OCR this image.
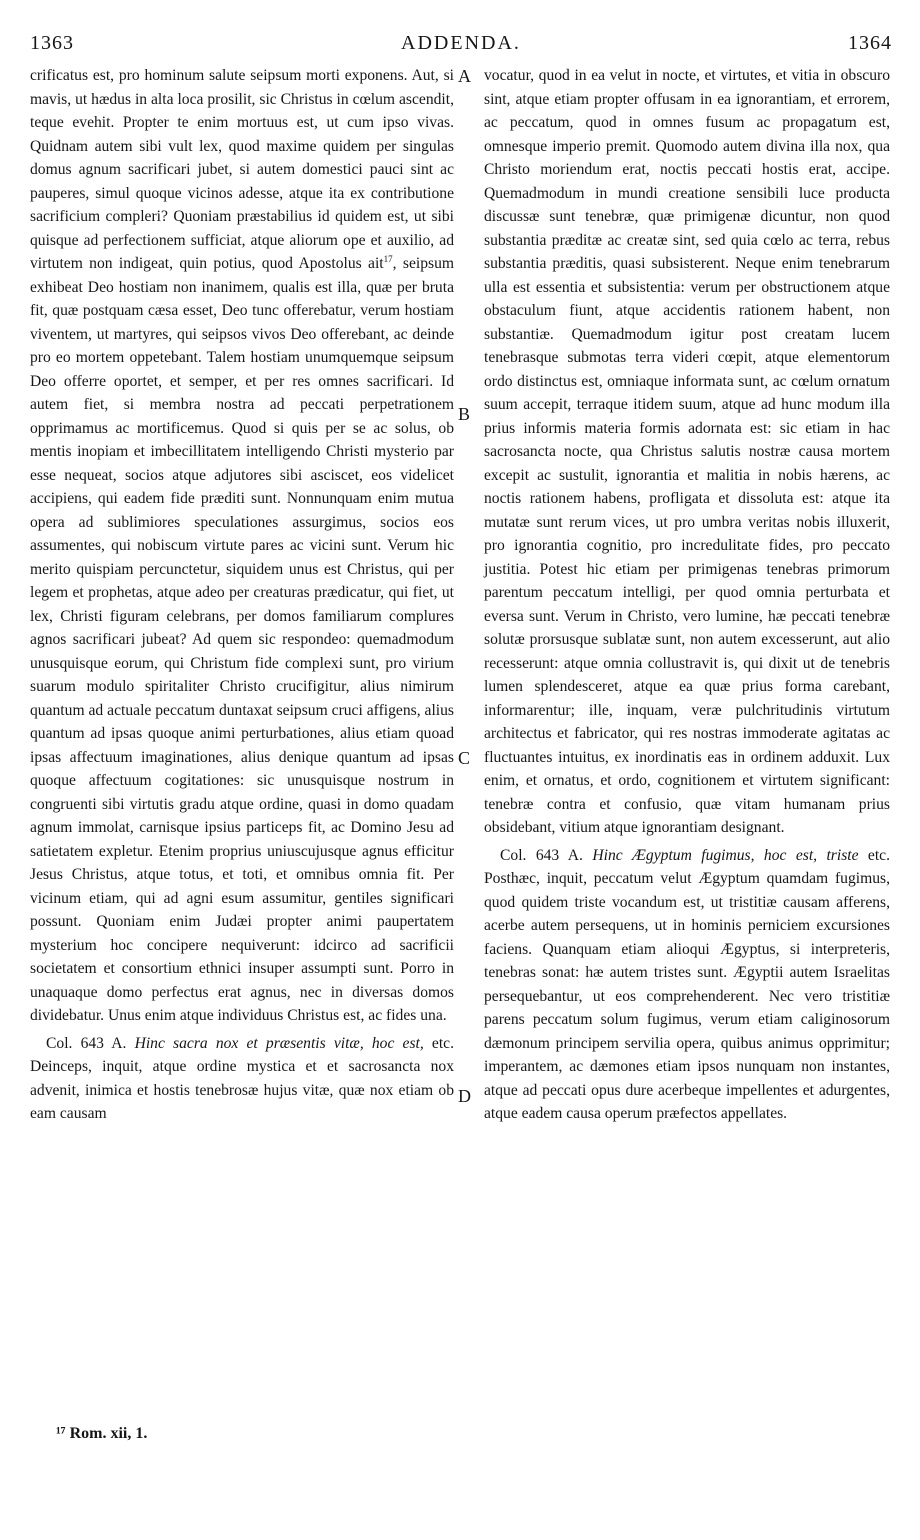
1363	ADDENDA.	1364

crificatus est, pro hominum salute seipsum morti exponens. Aut, si mavis, ut hædus in alta loca prosilit, sic Christus in cœlum ascendit, teque evehit. Propter te enim mortuus est, ut cum ipso vivas. Quidnam autem sibi vult lex, quod maxime quidem per singulas domus agnum sacrificari jubet, si autem domestici pauci sint ac pauperes, simul quoque vicinos adesse, atque ita ex contributione sacrificium compleri? Quoniam præstabilius id quidem est, ut sibi quisque ad perfectionem sufficiat, atque aliorum ope et auxilio, ad virtutem non indigeat, quin potius, quod Apostolus ait$^{17}$, seipsum exhibeat Deo hostiam non inanimem, qualis est illa, quæ per bruta fit, quæ postquam cæsa esset, Deo tunc offerebatur, verum hostiam viventem, ut martyres, qui seipsos vivos Deo offerebant, ac deinde pro eo mortem oppetebant. Talem hostiam unumquemque seipsum Deo offerre oportet, et semper, et per res omnes sacrificari. Id autem fiet, si membra nostra ad peccati perpetrationem opprimamus ac mortificemus. Quod si quis per se ac solus, ob mentis inopiam et imbecillitatem intelligendo Christi mysterio par esse nequeat, socios atque adjutores sibi asciscet, eos videlicet accipiens, qui eadem fide præditi sunt. Nonnunquam enim mutua opera ad sublimiores speculationes assurgimus, socios eos assumentes, qui nobiscum virtute pares ac vicini sunt. Verum hic merito quispiam percunctetur, siquidem unus est Christus, qui per legem et prophetas, atque adeo per creaturas prædicatur, qui fiet, ut lex, Christi figuram celebrans, per domos familiarum complures agnos sacrificari jubeat? Ad quem sic respondeo: quemadmodum unusquisque eorum, qui Christum fide complexi sunt, pro virium suarum modulo spiritaliter Christo crucifigitur, alius nimirum quantum ad actuale peccatum duntaxat seipsum cruci affigens, alius quantum ad ipsas quoque animi perturbationes, alius etiam quoad ipsas affectuum imaginationes, alius denique quantum ad ipsas quoque affectuum cogitationes: sic unusquisque nostrum in congruenti sibi virtutis gradu atque ordine, quasi in domo quadam agnum immolat, carnisque ipsius particeps fit, ac Domino Jesu ad satietatem expletur. Etenim proprius uniuscujusque agnus efficitur Jesus Christus, atque totus, et toti, et omnibus omnia fit. Per vicinum etiam, qui ad agni esum assumitur, gentiles significari possunt. Quoniam enim Judæi propter animi paupertatem mysterium hoc concipere nequiverunt: idcirco ad sacrificii societatem et consortium ethnici insuper assumpti sunt. Porro in unaquaque domo perfectus erat agnus, nec in diversas domos dividebatur. Unus enim atque individuus Christus est, ac fides una.

Col. 643 A. Hinc sacra nox et præsentis vitæ, hoc est, etc. Deinceps, inquit, atque ordine mystica et et sacrosancta nox advenit, inimica et hostis tenebrosæ hujus vitæ, quæ nox etiam ob eam causam

vocatur, quod in ea velut in nocte, et virtutes, et vitia in obscuro sint, atque etiam propter offusam in ea ignorantiam, et errorem, ac peccatum, quod in omnes fusum ac propagatum est, omnesque imperio premit. Quomodo autem divina illa nox, qua Christo moriendum erat, noctis peccati hostis erat, accipe. Quemadmodum in mundi creatione sensibili luce producta discussæ sunt tenebræ, quæ primigenæ dicuntur, non quod substantia præditæ ac creatæ sint, sed quia cœlo ac terra, rebus substantia præditis, quasi subsisterent. Neque enim tenebrarum ulla est essentia et subsistentia: verum per obstructionem atque obstaculum fiunt, atque accidentis rationem habent, non substantiæ. Quemadmodum igitur post creatam lucem tenebrasque submotas terra videri cœpit, atque elementorum ordo distinctus est, omniaque informata sunt, ac cœlum ornatum suum accepit, terraque itidem suum, atque ad hunc modum illa prius informis materia formis adornata est: sic etiam in hac sacrosancta nocte, qua Christus salutis nostræ causa mortem excepit ac sustulit, ignorantia et malitia in nobis hærens, ac noctis rationem habens, profligata et dissoluta est: atque ita mutatæ sunt rerum vices, ut pro umbra veritas nobis illuxerit, pro ignorantia cognitio, pro incredulitate fides, pro peccato justitia. Potest hic etiam per primigenas tenebras primorum parentum peccatum intelligi, per quod omnia perturbata et eversa sunt. Verum in Christo, vero lumine, hæ peccati tenebræ solutæ prorsusque sublatæ sunt, non autem excesserunt, aut alio recesserunt: atque omnia collustravit is, qui dixit ut de tenebris lumen splendesceret, atque ea quæ prius forma carebant, informarentur; ille, inquam, veræ pulchritudinis virtutum architectus et fabricator, qui res nostras immoderate agitatas ac fluctuantes intuitus, ex inordinatis eas in ordinem adduxit. Lux enim, et ornatus, et ordo, cognitionem et virtutem significant: tenebræ contra et confusio, quæ vitam humanam prius obsidebant, vitium atque ignorantiam designant.

Col. 643 A. Hinc Ægyptum fugimus, hoc est, triste etc. Posthæc, inquit, peccatum velut Ægyptum quamdam fugimus, quod quidem triste vocandum est, ut tristitiæ causam afferens, acerbe autem persequens, ut in hominis perniciem excursiones faciens. Quanquam etiam alioqui Ægyptus, si interpreteris, tenebras sonat: hæ autem tristes sunt. Ægyptii autem Israelitas persequebantur, ut eos comprehenderent. Nec vero tristitiæ parens peccatum solum fugimus, verum etiam caliginosorum dæmonum principem servilia opera, quibus animus opprimitur; imperantem, ac dæmones etiam ipsos nunquam non instantes, atque ad peccati opus dure acerbeque impellentes et adurgentes, atque eadem causa operum præfectos appellates.

A
B
C
D
¹⁷ Rom. xii, 1.
